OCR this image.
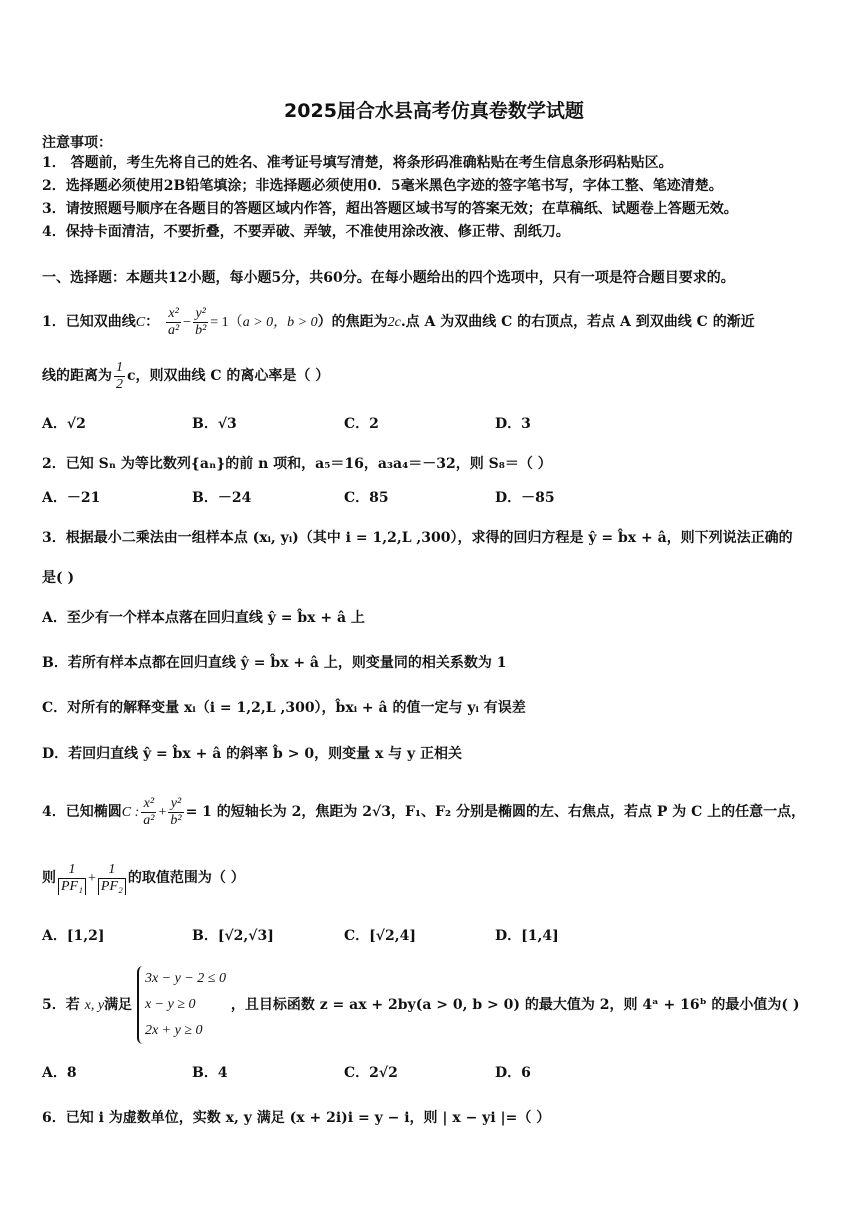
2025届合水县高考仿真卷数学试题
注意事项：
1． 答题前，考生先将自己的姓名、准考证号填写清楚，将条形码准确粘贴在考生信息条形码粘贴区。
2．选择题必须使用2B铅笔填涂；非选择题必须使用0．5毫米黑色字迹的签字笔书写，字体工整、笔迹清楚。
3．请按照题号顺序在各题目的答题区域内作答，超出答题区域书写的答案无效；在草稿纸、试题卷上答题无效。
4．保持卡面清洁，不要折叠，不要弄破、弄皱，不准使用涂改液、修正带、刮纸刀。
一、选择题：本题共12小题，每小题5分，共60分。在每小题给出的四个选项中，只有一项是符合题目要求的。
1．已知双曲线C： $\frac{\text{x²}}{\text{a²}} - \frac{\text{y²}}{\text{b²}} = 1(a > 0$，b > 0）的焦距为2c.点 A 为双曲线 C 的右顶点，若点 A 到双曲线 C 的渐近
线的距离为 $\frac{1}{2}$ c，则双曲线 C 的离心率是（ ）
A．√2	B．√3	C．2	D．3
2．已知 Sₙ 为等比数列{aₙ}的前 n 项和，a₅＝16，a₃a₄＝－32，则 S₈＝（ ）
A．－21	B．－24	C．85	D．－85
3．根据最小二乘法由一组样本点 (xᵢ, yᵢ)（其中 i = 1,2,L ,300），求得的回归方程是 ŷ = b̂x + â，则下列说法正确的
是( )
A．至少有一个样本点落在回归直线 ŷ = b̂x + â 上
B．若所有样本点都在回归直线 ŷ = b̂x + â 上，则变量同的相关系数为 1
C．对所有的解释变量 xᵢ（i = 1,2,L ,300），b̂xᵢ + â 的值一定与 yᵢ 有误差
D．若回归直线 ŷ = b̂x + â 的斜率 b̂ > 0，则变量 x 与 y 正相关
4．已知椭圆C : $\frac{\text{x²}}{\text{a²}} + \frac{\text{y²}}{\text{b²}} = 1$ 的短轴长为 2，焦距为 2√3，F₁、F₂ 分别是椭圆的左、右焦点，若点 P 为 C 上的任意一点，
则 $\frac{1}{\text{PF₁}} + \frac{1}{\text{PF₂}}$ 的取值范围为（ ）
A．[1,2]	B．[√2,√3]	C．[√2,4]	D．[1,4]
5．若 x, y满足
3x − y − 2 ≤ 0
x − y ≥ 0
2x + y ≥ 0
，且目标函数 z = ax + 2by(a > 0, b > 0) 的最大值为 2，则 4ᵃ + 16ᵇ 的最小值为( )
A．8	B．4	C．2√2	D．6
6．已知 i 为虚数单位，实数 x, y 满足 (x + 2i)i = y − i，则 | x − yi |=（ ）
